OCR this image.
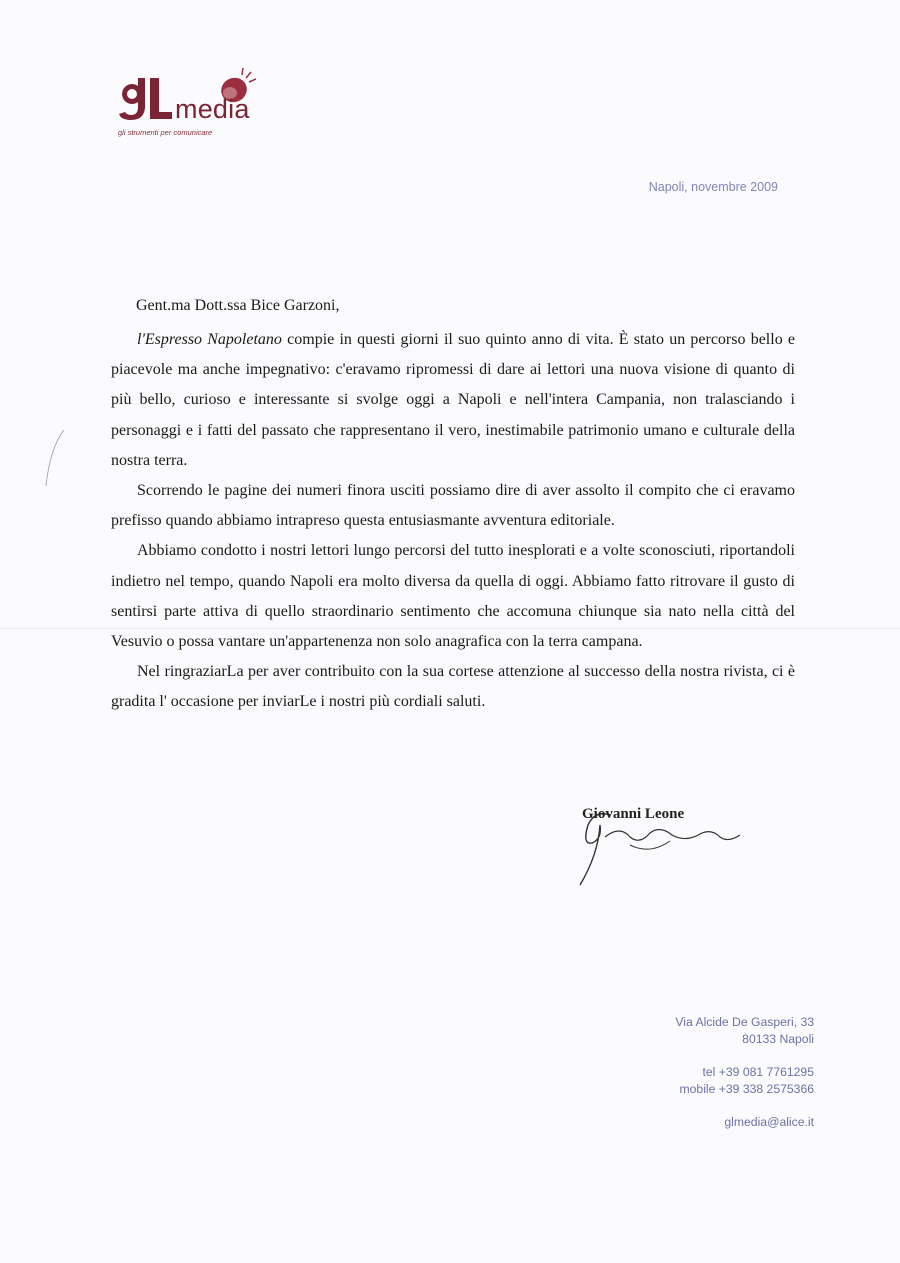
media
gli strumenti per comunicare
Napoli, novembre 2009
Gent.ma Dott.ssa Bice Garzoni,

l'Espresso Napoletano compie in questi giorni il suo quinto anno di vita. È stato un percorso bello e piacevole ma anche impegnativo: c'eravamo ripromessi di dare ai lettori una nuova visione di quanto di più bello, curioso e interessante si svolge oggi a Napoli e nell'intera Campania, non tralasciando i personaggi e i fatti del passato che rappresentano il vero, inestimabile patrimonio umano e culturale della nostra terra.

Scorrendo le pagine dei numeri finora usciti possiamo dire di aver assolto il compito che ci eravamo prefisso quando abbiamo intrapreso questa entusiasmante avventura editoriale.

Abbiamo condotto i nostri lettori lungo percorsi del tutto inesplorati e a volte sconosciuti, riportandoli indietro nel tempo, quando Napoli era molto diversa da quella di oggi. Abbiamo fatto ritrovare il gusto di sentirsi parte attiva di quello straordinario sentimento che accomuna chiunque sia nato nella città del Vesuvio o possa vantare un'appartenenza non solo anagrafica con la terra campana.

Nel ringraziarLa per aver contribuito con la sua cortese attenzione al successo della nostra rivista, ci è gradita l' occasione per inviarLe i nostri più cordiali saluti.

Giovanni Leone
Via Alcide De Gasperi, 33
80133 Napoli
tel +39 081 7761295
mobile +39 338 2575366
glmedia@alice.it
